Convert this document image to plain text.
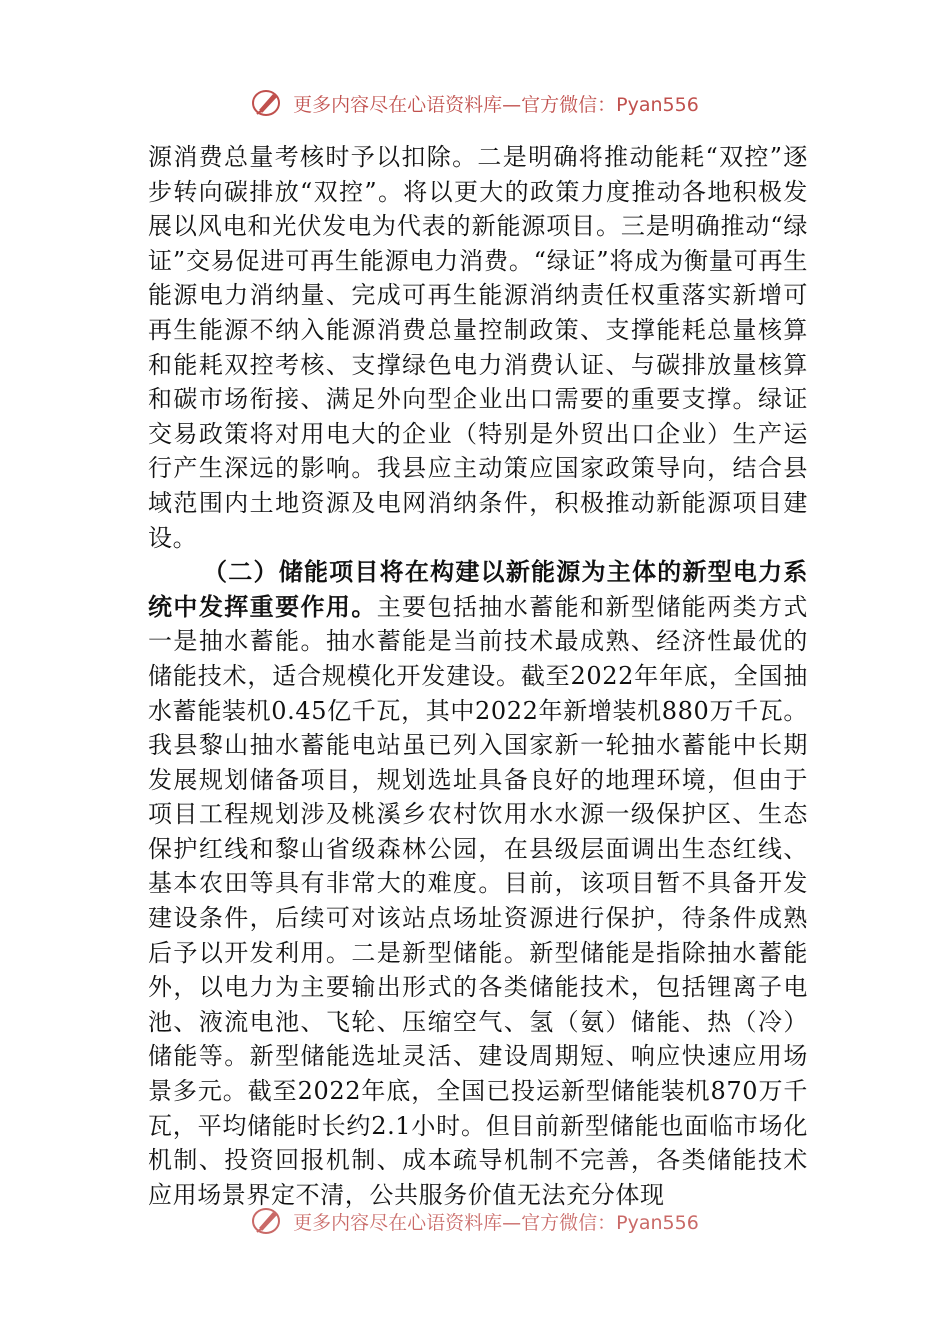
更多内容尽在心语资料库—官方微信：Pyan556

源消费总量考核时予以扣除。二是明确将推动能耗“双控”逐步转向碳排放“双控”。将以更大的政策力度推动各地积极发展以风电和光伏发电为代表的新能源项目。三是明确推动“绿证”交易促进可再生能源电力消费。“绿证”将成为衡量可再生能源电力消纳量、完成可再生能源消纳责任权重落实新增可再生能源不纳入能源消费总量控制政策、支撑能耗总量核算和能耗双控考核、支撑绿色电力消费认证、与碳排放量核算和碳市场衔接、满足外向型企业出口需要的重要支撑。绿证交易政策将对用电大的企业（特别是外贸出口企业）生产运行产生深远的影响。我县应主动策应国家政策导向，结合县域范围内土地资源及电网消纳条件，积极推动新能源项目建设。

（二）储能项目将在构建以新能源为主体的新型电力系统中发挥重要作用。主要包括抽水蓄能和新型储能两类方式一是抽水蓄能。抽水蓄能是当前技术最成熟、经济性最优的储能技术，适合规模化开发建设。截至2022年年底，全国抽水蓄能装机0.45亿千瓦，其中2022年新增装机880万千瓦。我县黎山抽水蓄能电站虽已列入国家新一轮抽水蓄能中长期发展规划储备项目，规划选址具备良好的地理环境，但由于项目工程规划涉及桃溪乡农村饮用水水源一级保护区、生态保护红线和黎山省级森林公园，在县级层面调出生态红线、基本农田等具有非常大的难度。目前，该项目暂不具备开发建设条件，后续可对该站点场址资源进行保护，待条件成熟后予以开发利用。二是新型储能。新型储能是指除抽水蓄能外，以电力为主要输出形式的各类储能技术，包括锂离子电池、液流电池、飞轮、压缩空气、氢（氨）储能、热（冷）储能等。新型储能选址灵活、建设周期短、响应快速应用场景多元。截至2022年底，全国已投运新型储能装机870万千瓦，平均储能时长约2.1小时。但目前新型储能也面临市场化机制、投资回报机制、成本疏导机制不完善，各类储能技术应用场景界定不清，公共服务价值无法充分体现

更多内容尽在心语资料库—官方微信：Pyan556
